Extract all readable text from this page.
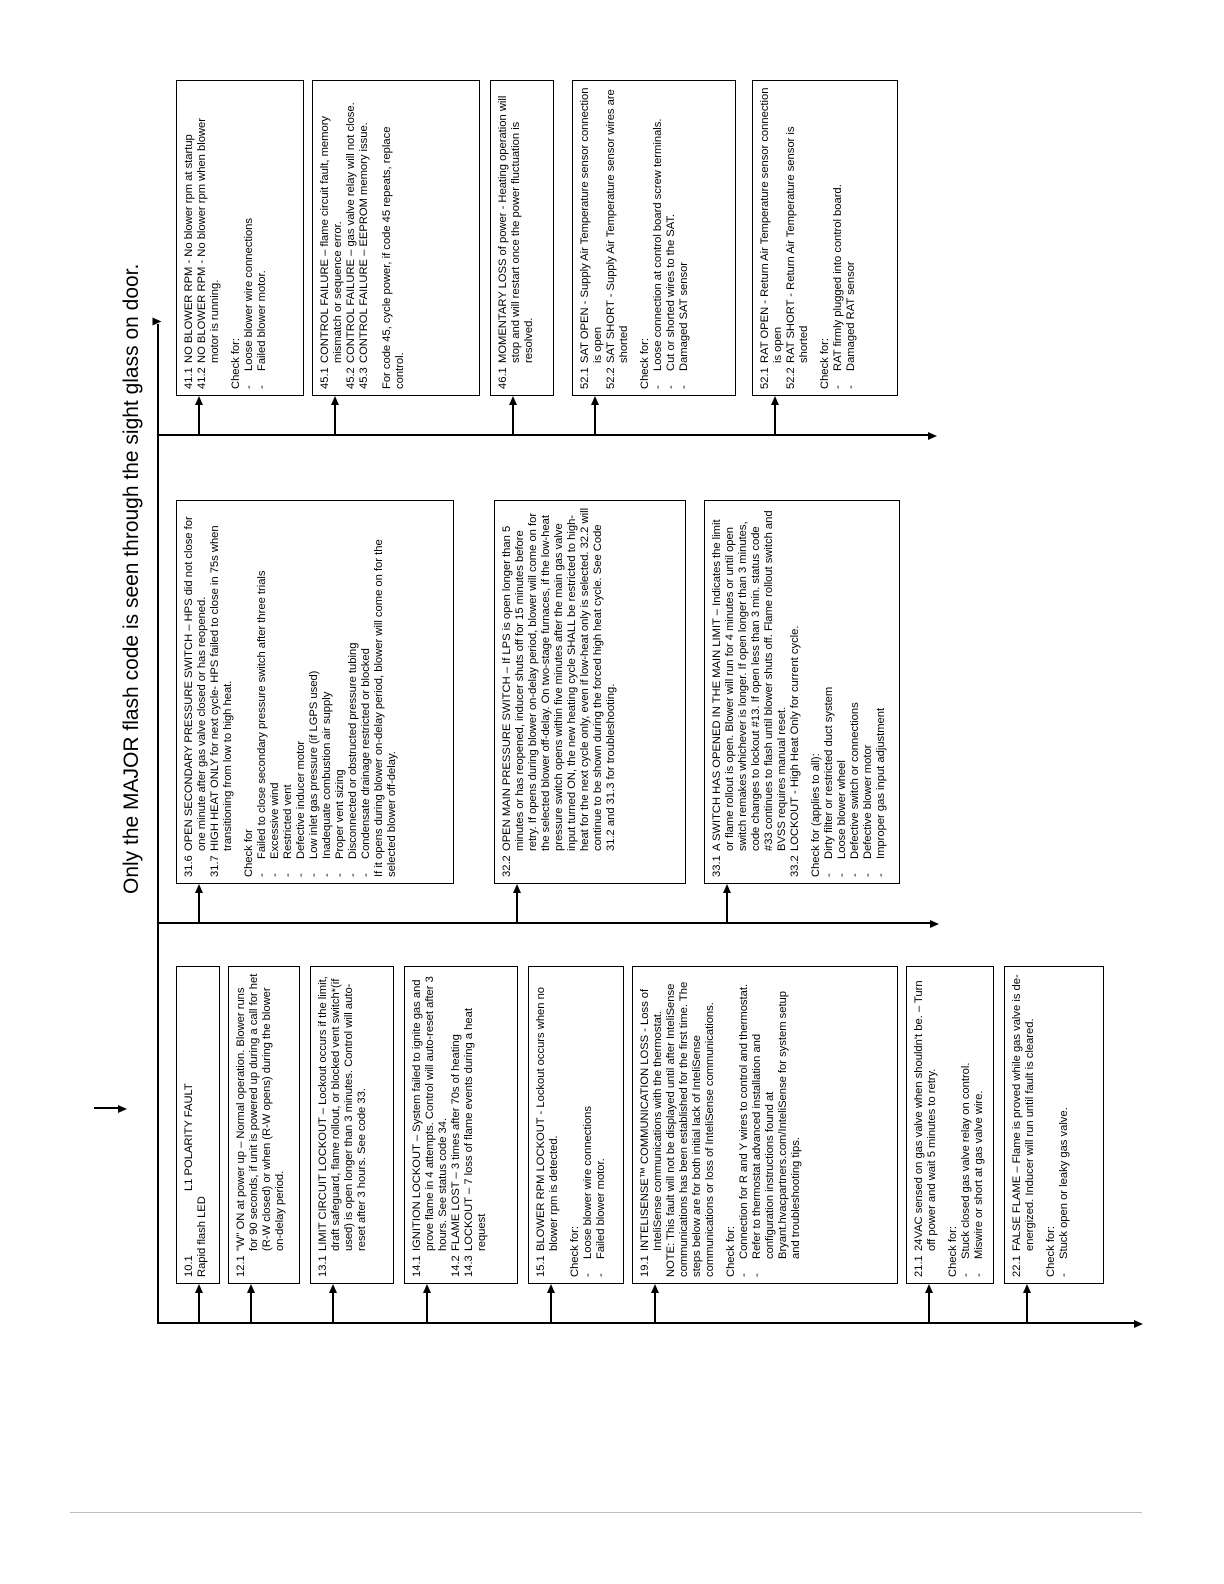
Only the MAJOR flash code is seen through the sight glass on door.
10.1
L1 POLARITY FAULT
Rapid flash LED 12.1
"W" ON at power up – Normal operation. Blower runs for 90 seconds, if unit is powered up during a call for het (R-W closed) or when (R-W opens) during the blower on-delay period.
13.1
LIMIT CIRCUIT LOCKOUT – Lockout occurs if the limit, draft safeguard, flame rollout, or blocked vent switch*(if used) is open longer than 3 minutes. Control will auto-reset after 3 hours. See code 33.
14.1
IGNITION LOCKOUT – System failed to ignite gas and prove flame in 4 attempts. Control will auto-reset after 3 hours. See status code 34.
14.2
FLAME LOST – 3 times after 70s of heating
14.3
LOCKOUT – 7 loss of flame events during a heat request
15.1
BLOWER RPM LOCKOUT - Lockout occurs when no blower rpm is detected.
Check for: -
Loose blower wire connections
-
Failed blower motor.
19.1
INTELISENSE™ COMMUNICATION LOSS - Loss of InteliSense communications with the thermostat. NOTE: This fault will not be displayed until after InteliSense communications has been established for the first time. The steps below are for both initial lack of InteliSense communications or loss of InteliSense communications. Check for: -
Connection for R and Y wires to control and thermostat.
-
Refer to thermostat advanced installation and configuration instructions found at Bryant.hvacpartners.com/InteliSense for system setup and troubleshooting tips.
21.1
24VAC sensed on gas valve when shouldn't be. – Turn off power and wait 5 minutes to retry.
Check for: -
Stuck closed gas valve relay on control.
-
Miswire or short at gas valve wire.
22.1
FALSE FLAME – Flame is proved while gas valve is de-energized. Inducer will run until fault is cleared.
Check for: -
Stuck open or leaky gas valve.
31.6
OPEN SECONDARY PRESSURE SWITCH – HPS did not close for one minute after gas valve closed or has reopened.
31.7
HIGH HEAT ONLY for next cycle- HPS failed to close in 75s when transitioning from low to high heat.
Check for -
Failed to close secondary pressure switch after three trials
-
Excessive wind
-
Restricted vent
-
Defective inducer motor
-
Low inlet gas pressure (if LGPS used)
-
Inadequate combustion air supply
-
Proper vent sizing
-
Disconnected or obstructed pressure tubing
-
Condensate drainage restricted or blocked If it opens during blower on-delay period, blower will come on for the selected blower off-delay.	32.2
OPEN MAIN PRESSURE SWITCH – If LPS is open longer than 5 minutes or has reopened, inducer shuts off for 15 minutes before retry. If opens during blower on-delay period, blower will come on for the selected blower off-delay. On two-stage furnaces, if the low-heat pressure switch opens within five minutes after the main gas valve input turned ON, the new heating cycle SHALL be restricted to high-heat for the next cycle only, even if low-heat only is selected. 32.2 will continue to be shown during the forced high heat cycle. See Code 31.2 and 31.3 for troubleshooting.
33.1
A SWITCH HAS OPENED IN THE MAIN LIMIT – Indicates the limit or flame rollout is open. Blower will run for 4 minutes or until open switch remakes whichever is longer. If open longer than 3 minutes, code changes to lockout #13. If open less than 3 min. status code #33 continues to flash until blower shuts off. Flame rollout switch and BVSS requires manual reset.
33.2
LOCKOUT - High Heat Only for current cycle. Check for (applies to all): -
Dirty filter or restricted duct system
-
Loose blower wheel
-
Defective switch or connections
-
Defective blower motor
-
Improper gas input adjustment
41.1
NO BLOWER RPM - No blower rpm at startup
41.2
NO BLOWER RPM - No blower rpm when blower motor is running.
Check for: -
Loose blower wire connections
-
Failed blower motor.
45.1
CONTROL FAILURE – flame circuit fault, memory mismatch or sequence error.
45.2
CONTROL FAILURE – gas valve relay will not close.
45.3
CONTROL FAILURE – EEPROM memory issue. For code 45, cycle power, if code 45 repeats, replace control.	46.1
MOMENTARY LOSS of power - Heating operation will stop and will restart once the power fluctuation is resolved.
52.1
SAT OPEN - Supply Air Temperature sensor connection is open
52.2
SAT SHORT - Supply Air Temperature sensor wires are shorted Check for: -
Loose connection at control board screw terminals.
-
Cut or shorted wires to the SAT.
-
Damaged SAT sensor
52.1
RAT OPEN - Return Air Temperature sensor connection is open
52.2
RAT SHORT - Return Air Temperature sensor is shorted Check for: -
RAT firmly plugged into control board.
-
Damaged RAT sensor
